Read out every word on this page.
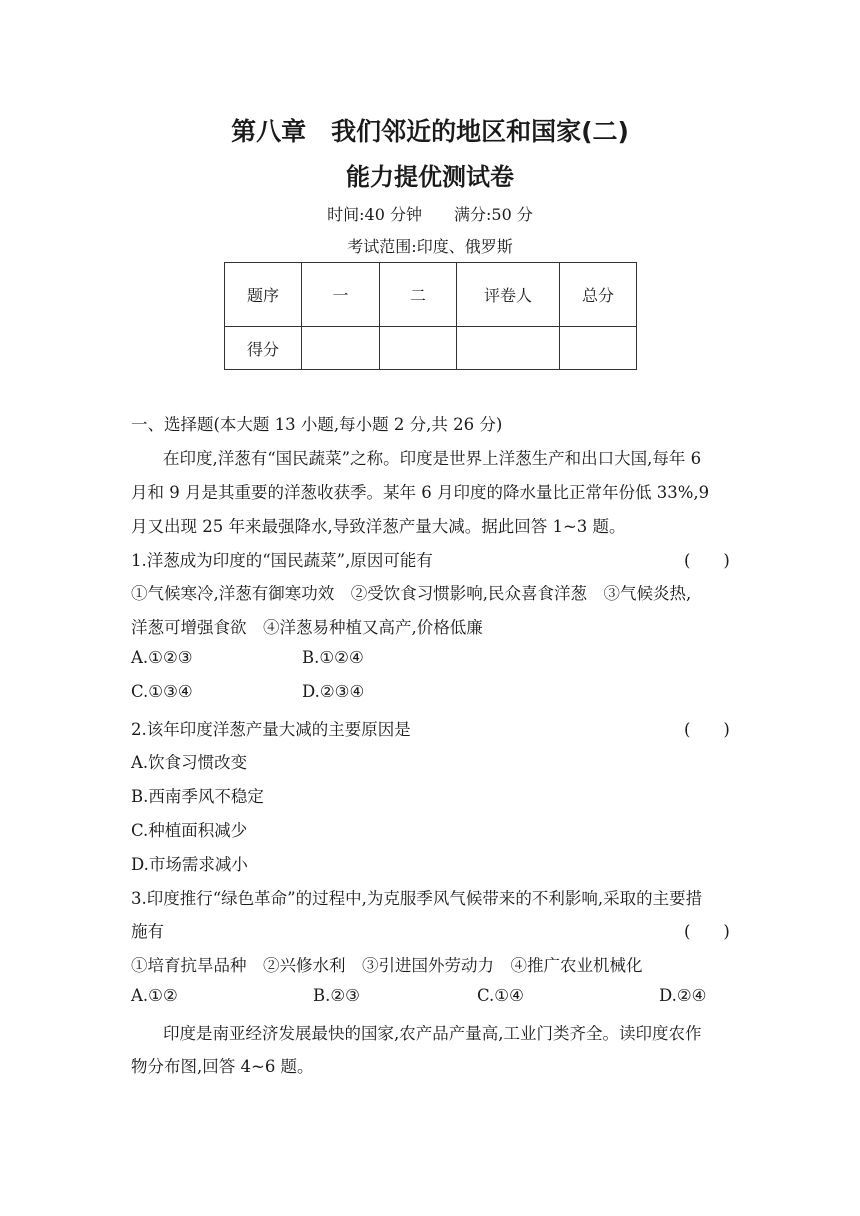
第八章　我们邻近的地区和国家(二)
能力提优测试卷
时间:40 分钟　　满分:50 分
考试范围:印度、俄罗斯
题序	一	二	评卷人	总分
得分				
一、选择题(本大题 13 小题,每小题 2 分,共 26 分)
在印度,洋葱有“国民蔬菜”之称。印度是世界上洋葱生产和出口大国,每年 6
月和 9 月是其重要的洋葱收获季。某年 6 月印度的降水量比正常年份低 33%,9
月又出现 25 年来最强降水,导致洋葱产量大减。据此回答 1~3 题。
1.洋葱成为印度的“国民蔬菜”,原因可能有	(　　)
①气候寒冷,洋葱有御寒功效　②受饮食习惯影响,民众喜食洋葱　③气候炎热,
洋葱可增强食欲　④洋葱易种植又高产,价格低廉
A.①②③	B.①②④
C.①③④	D.②③④
2.该年印度洋葱产量大减的主要原因是	(　　)
A.饮食习惯改变
B.西南季风不稳定
C.种植面积减少
D.市场需求减小
3.印度推行“绿色革命”的过程中,为克服季风气候带来的不利影响,采取的主要措
施有	(　　)
①培育抗旱品种　②兴修水利　③引进国外劳动力　④推广农业机械化
A.①②	B.②③	C.①④	D.②④
印度是南亚经济发展最快的国家,农产品产量高,工业门类齐全。读印度农作
物分布图,回答 4~6 题。
